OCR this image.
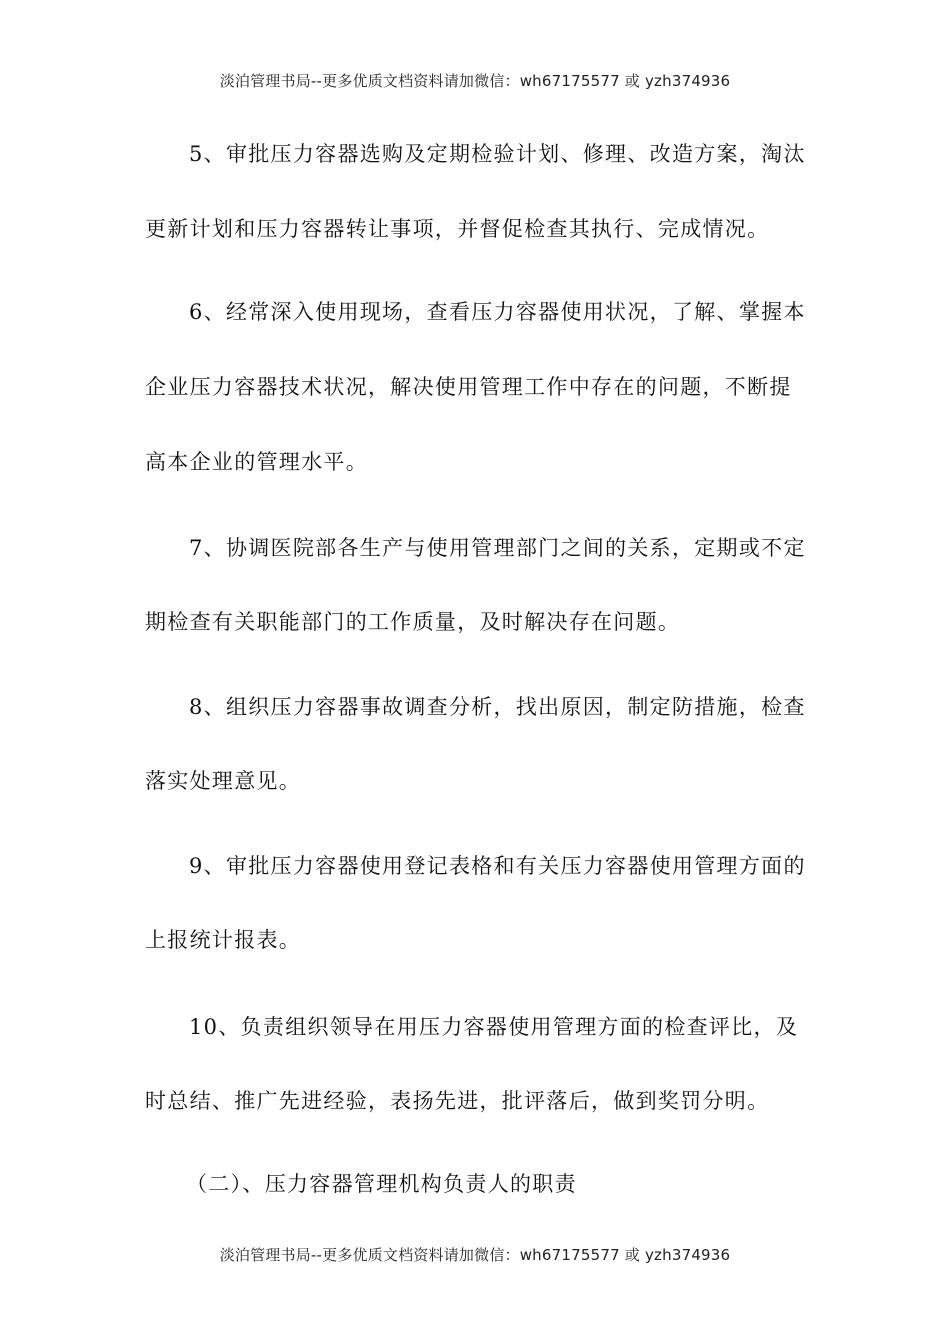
淡泊管理书局--更多优质文档资料请加微信：wh67175577 或 yzh374936
5、审批压力容器选购及定期检验计划、修理、改造方案，淘汰
更新计划和压力容器转让事项，并督促检查其执行、完成情况。
6、经常深入使用现场，查看压力容器使用状况，了解、掌握本
企业压力容器技术状况，解决使用管理工作中存在的问题，不断提
高本企业的管理水平。
7、协调医院部各生产与使用管理部门之间的关系，定期或不定
期检查有关职能部门的工作质量，及时解决存在问题。
8、组织压力容器事故调查分析，找出原因，制定防措施，检查
落实处理意见。
9、审批压力容器使用登记表格和有关压力容器使用管理方面的
上报统计报表。
10、负责组织领导在用压力容器使用管理方面的检查评比，及
时总结、推广先进经验，表扬先进，批评落后，做到奖罚分明。
（二）、压力容器管理机构负责人的职责
淡泊管理书局--更多优质文档资料请加微信：wh67175577 或 yzh374936
